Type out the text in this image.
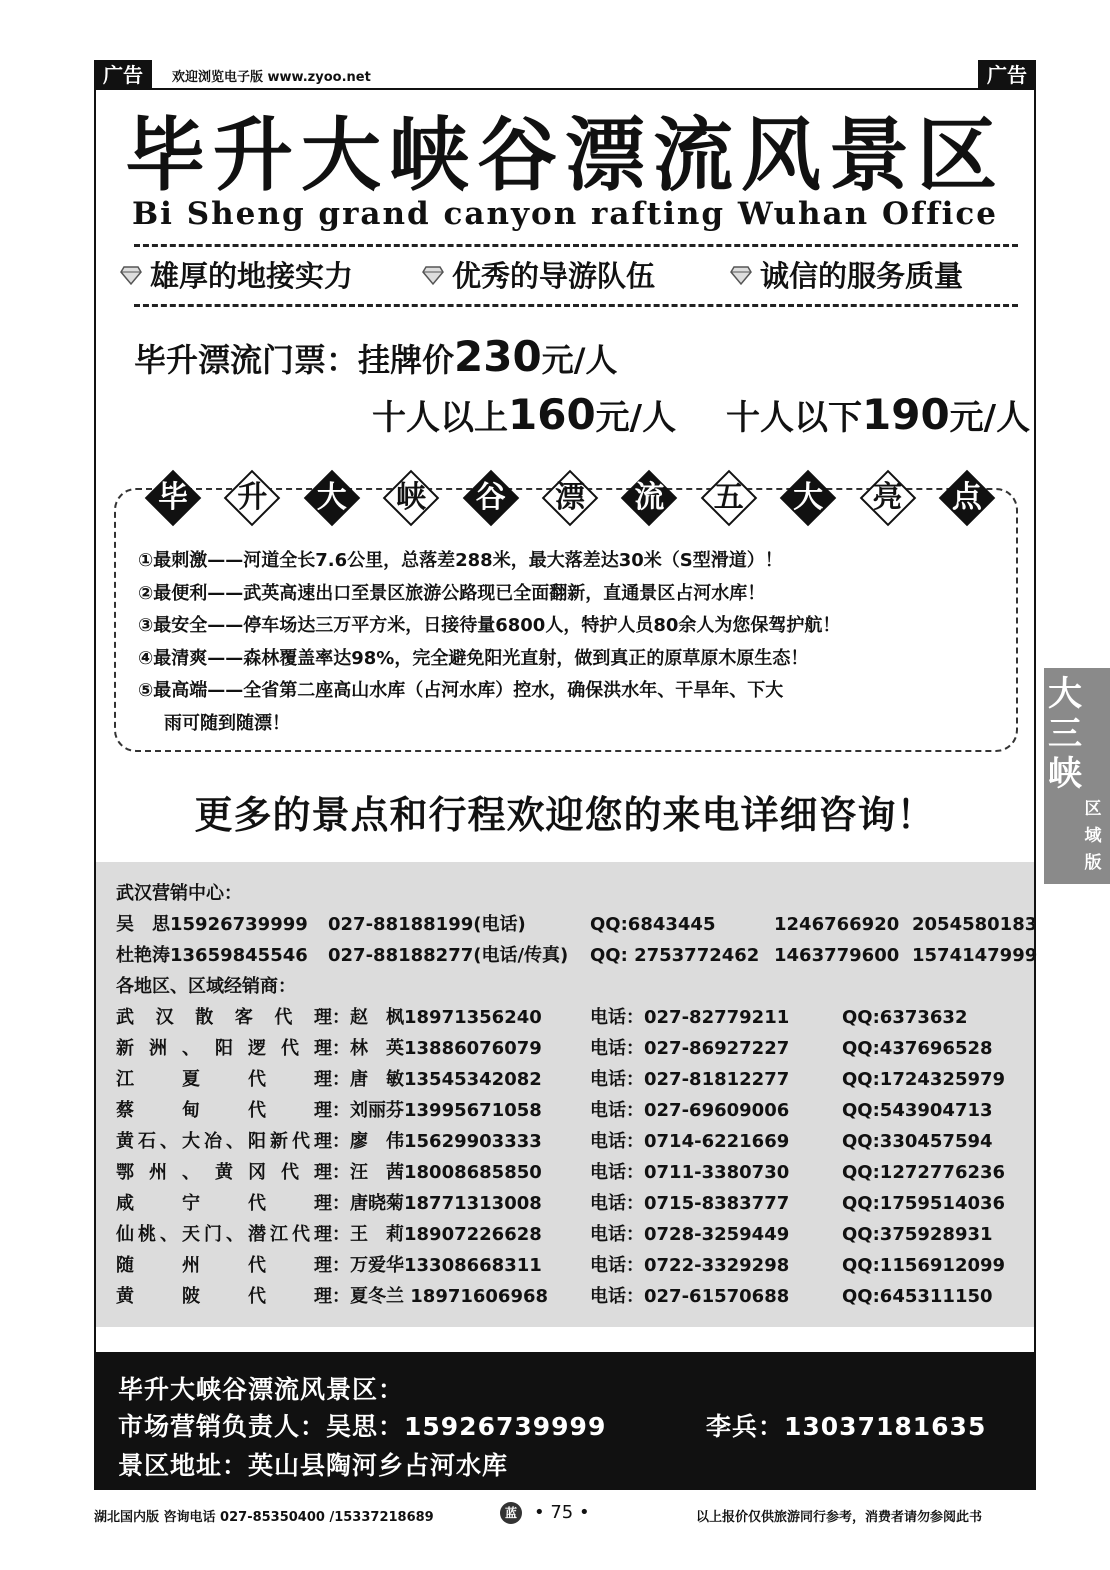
广告	欢迎浏览电子版 www.zyoo.net	广告
毕升大峡谷漂流风景区
Bi Sheng grand canyon rafting Wuhan Office
雄厚的地接实力	优秀的导游队伍	诚信的服务质量
毕升漂流门票：挂牌价230元/人
十人以上160元/人 十人以下190元/人
毕	升	大	峡	谷	漂	流	五	大	亮	点
①最刺激——河道全长7.6公里，总落差288米，最大落差达30米（S型滑道）！
②最便利——武英高速出口至景区旅游公路现已全面翻新，直通景区占河水库！
③最安全——停车场达三万平方米，日接待量6800人，特护人员80余人为您保驾护航！
④最清爽——森林覆盖率达98%，完全避免阳光直射，做到真正的原草原木原生态！
⑤最高端——全省第二座高山水库（占河水库）控水，确保洪水年、干旱年、下大
雨可随到随漂！
更多的景点和行程欢迎您的来电详细咨询！
武汉营销中心：
吴　思15926739999 027-88188199(电话)	QQ:6843445	1246766920 2054580183
杜艳涛13659845546 027-88188277(电话/传真) QQ: 2753772462 1463779600 1574147999
各地区、区域经销商：
武汉散客代理 ：赵　枫18971356240	电话：027-82779211	QQ:6373632
新洲、阳逻代理 ：林　英13886076079	电话：027-86927227	QQ:437696528
江夏代理 ：唐　敏13545342082	电话：027-81812277	QQ:1724325979
蔡甸代理 ：刘丽芬13995671058	电话：027-69609006	QQ:543904713
黄石、大冶、阳新代理 ：廖　伟15629903333	电话：0714-6221669	QQ:330457594
鄂州、黄冈代理 ：汪　茜18008685850	电话：0711-3380730	QQ:1272776236
咸宁代理 ：唐晓菊18771313008	电话：0715-8383777	QQ:1759514036
仙桃、天门、潜江代理 ：王　莉18907226628	电话：0728-3259449	QQ:375928931
随州代理 ：万爱华13308668311	电话：0722-3329298	QQ:1156912099
黄陂代理 ：夏冬兰 18971606968 电话：027-61570688	QQ:645311150
毕升大峡谷漂流风景区：
市场营销负责人：吴思：15926739999	李兵：13037181635
景区地址：英山县陶河乡占河水库
大三峡
区
域
版
湖北国内版 咨询电话 027-85350400 /15337218689	蓝 • 75 •	以上报价仅供旅游同行参考，消费者请勿参阅此书
